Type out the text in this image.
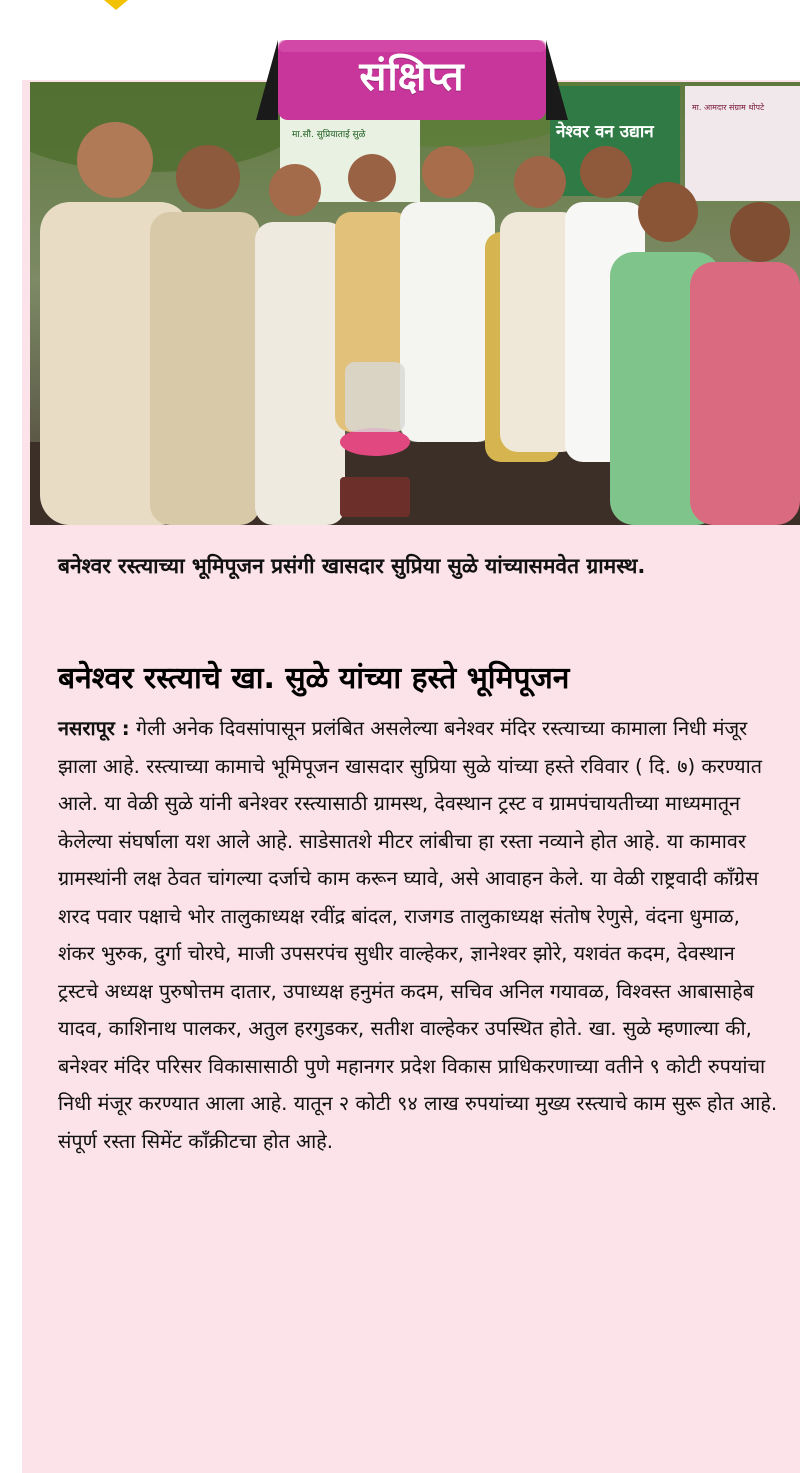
मा.सौ. सुप्रियाताई सुळे	नेश्वर वन उद्यान
मा. आमदार संग्राम थोपटे
संक्षिप्त
बनेश्वर रस्त्याच्या भूमिपूजन प्रसंगी खासदार सुप्रिया सुळे यांच्यासमवेत ग्रामस्थ.
बनेश्वर रस्त्याचे खा. सुळे यांच्या हस्ते भूमिपूजन

नसरापूर : गेली अनेक दिवसांपासून प्रलंबित असलेल्या बनेश्वर मंदिर रस्त्याच्या कामाला निधी मंजूर झाला आहे. रस्त्याच्या कामाचे भूमिपूजन खासदार सुप्रिया सुळे यांच्या हस्ते रविवार ( दि. ७) करण्यात आले. या वेळी सुळे यांनी बनेश्वर रस्त्यासाठी ग्रामस्थ, देवस्थान ट्रस्ट व ग्रामपंचायतीच्या माध्यमातून केलेल्या संघर्षाला यश आले आहे. साडेसातशे मीटर लांबीचा हा रस्ता नव्याने होत आहे. या कामावर ग्रामस्थांनी लक्ष ठेवत चांगल्या दर्जाचे काम करून घ्यावे, असे आवाहन केले. या वेळी राष्ट्रवादी काँग्रेस शरद पवार पक्षाचे भोर तालुकाध्यक्ष रवींद्र बांदल, राजगड तालुकाध्यक्ष संतोष रेणुसे, वंदना धुमाळ, शंकर भुरुक, दुर्गा चोरघे, माजी उपसरपंच सुधीर वाल्हेकर, ज्ञानेश्वर झोरे, यशवंत कदम, देवस्थान ट्रस्टचे अध्यक्ष पुरुषोत्तम दातार, उपाध्यक्ष हनुमंत कदम, सचिव अनिल गयावळ, विश्वस्त आबासाहेब यादव, काशिनाथ पालकर, अतुल हरगुडकर, सतीश वाल्हेकर उपस्थित होते. खा. सुळे म्हणाल्या की, बनेश्वर मंदिर परिसर विकासासाठी पुणे महानगर प्रदेश विकास प्राधिकरणाच्या वतीने ९ कोटी रुपयांचा निधी मंजूर करण्यात आला आहे. यातून २ कोटी ९४ लाख रुपयांच्या मुख्य रस्त्याचे काम सुरू होत आहे. संपूर्ण रस्ता सिमेंट काँक्रीटचा होत आहे.
